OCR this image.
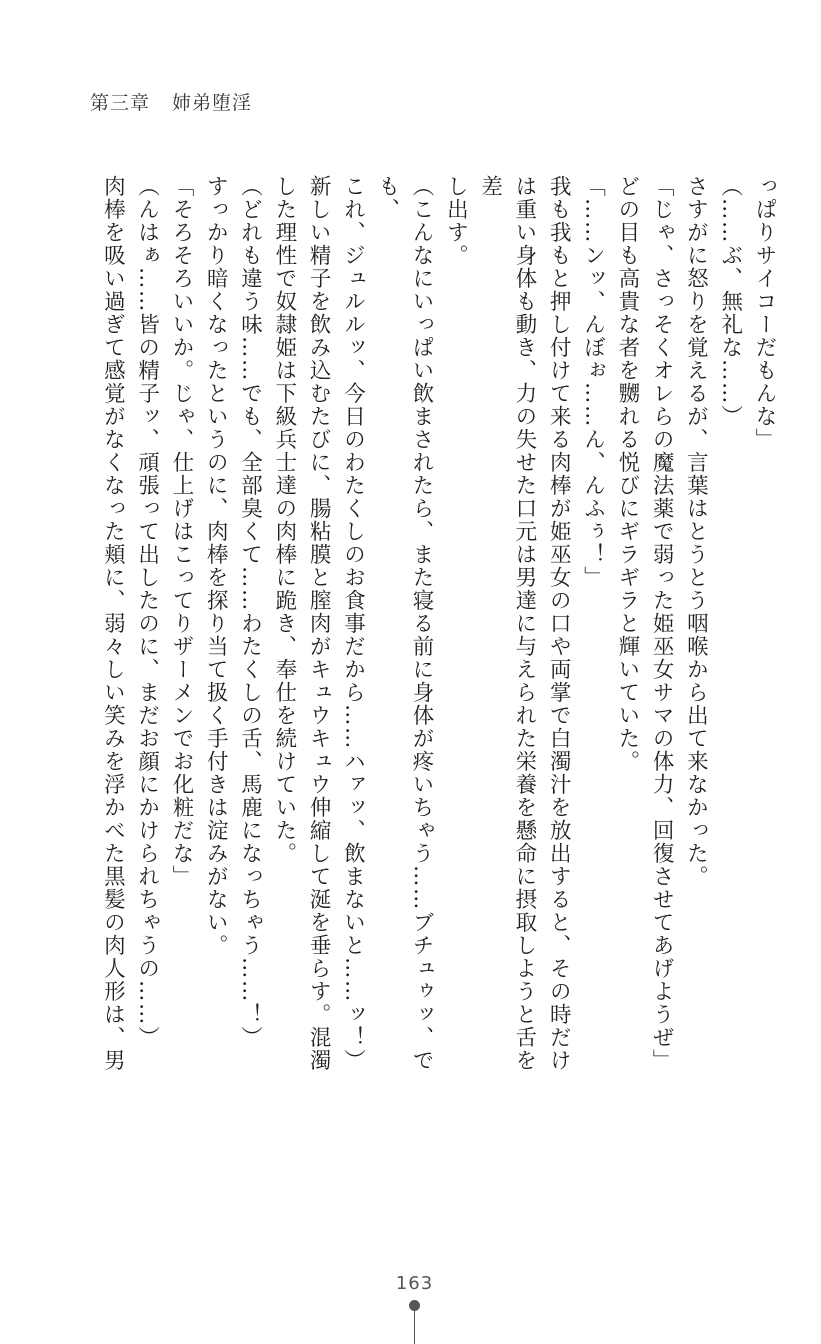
第三章 姉弟堕淫

っぱりサイコーだもんな」

（……ぶ、無礼な……）

さすがに怒りを覚えるが、言葉はとうとう咽喉から出て来なかった。

「じゃ、さっそくオレらの魔法薬で弱った姫巫女サマの体力、回復させてあげようぜ」

どの目も高貴な者を嬲れる悦びにギラギラと輝いていた。

「……ンッ、んぼぉ……ん、んふぅ！」

我も我もと押し付けて来る肉棒が姫巫女の口や両掌で白濁汁を放出すると、その時だけ

は重い身体も動き、力の失せた口元は男達に与えられた栄養を懸命に摂取しようと舌を差

し出す。

（こんなにいっぱい飲まされたら、また寝る前に身体が疼いちゃう……ブチュゥッ、でも、

これ、ジュルルッ、今日のわたくしのお食事だから……ハァッ、飲まないと……ッ！）

新しい精子を飲み込むたびに、腸粘膜と膣肉がキュウキュウ伸縮して涎を垂らす。混濁

した理性で奴隷姫は下級兵士達の肉棒に跪き、奉仕を続けていた。

（どれも違う味……でも、全部臭くて……わたくしの舌、馬鹿になっちゃう……！）

すっかり暗くなったというのに、肉棒を探り当て扱く手付きは淀みがない。

「そろそろいいか。じゃ、仕上げはこってりザーメンでお化粧だな」

（んはぁ……皆の精子ッ、頑張って出したのに、まだお顔にかけられちゃうの……）

肉棒を吸い過ぎて感覚がなくなった頬に、弱々しい笑みを浮かべた黒髪の肉人形は、男

163
